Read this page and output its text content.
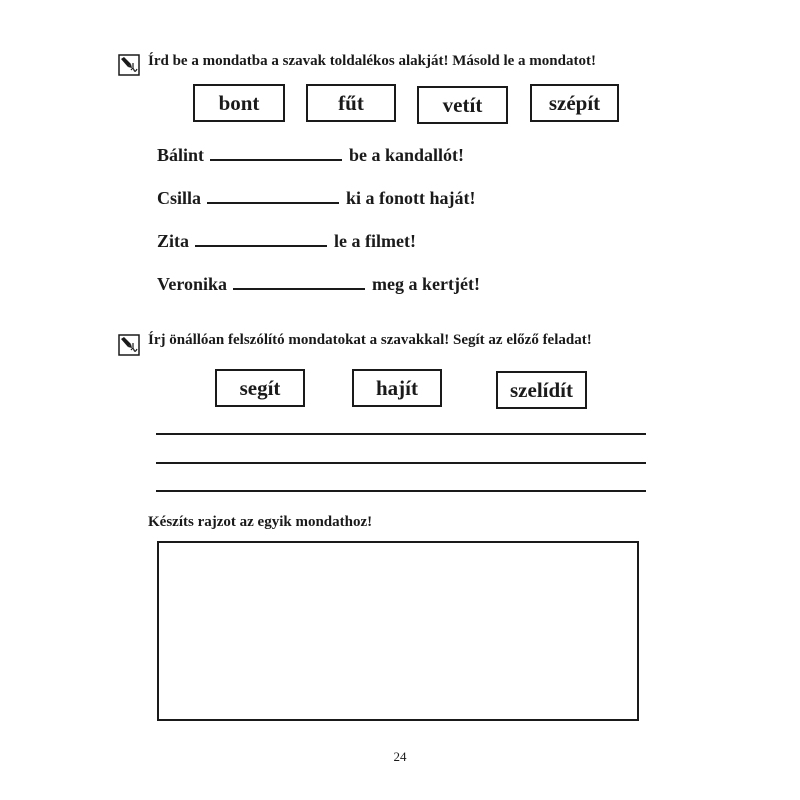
Írd be a mondatba a szavak toldalékos alakját! Másold le a mondatot!
bont	fűt	vetít	szépít
Bálint	be a kandallót!
Csilla	ki a fonott haját!
Zita	le a filmet!
Veronika	meg a kertjét!
Írj önállóan felszólító mondatokat a szavakkal! Segít az előző feladat!
segít	hajít	szelídít
Készíts rajzot az egyik mondathoz!
24
